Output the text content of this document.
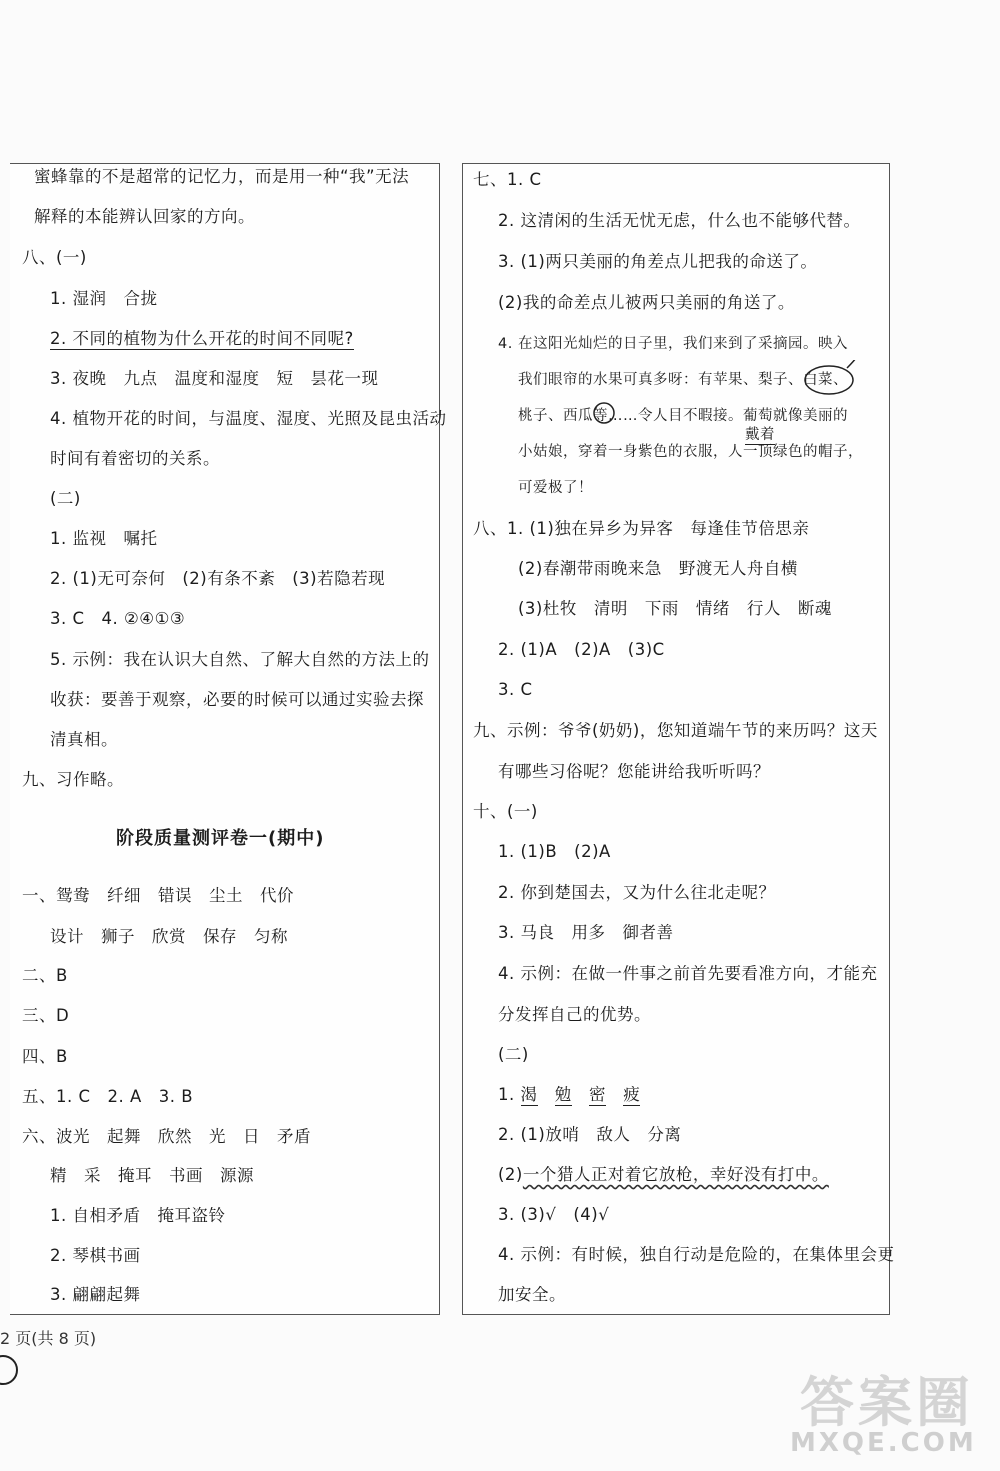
蜜蜂靠的不是超常的记忆力，而是用一种“我”无法
解释的本能辨认回家的方向。
八、(一)
1. 湿润　合拢
2. 不同的植物为什么开花的时间不同呢?
3. 夜晚　九点　温度和湿度　短　昙花一现
4. 植物开花的时间，与温度、湿度、光照及昆虫活动
时间有着密切的关系。
(二)
1. 监视　嘱托
2. (1)无可奈何　(2)有条不紊　(3)若隐若现
3. C　4. ②④①③
5. 示例：我在认识大自然、了解大自然的方法上的
收获：要善于观察，必要的时候可以通过实验去探
清真相。
九、习作略。
阶段质量测评卷一(期中)
一、鸳鸯　纤细　错误　尘土　代价
设计　狮子　欣赏　保存　匀称
二、B
三、D
四、B
五、1. C　2. A　3. B
六、波光　起舞　欣然　光　日　矛盾
精　采　掩耳　书画　源源
1. 自相矛盾　掩耳盗铃
2. 琴棋书画
3. 翩翩起舞
七、1. C
2. 这清闲的生活无忧无虑，什么也不能够代替。
3. (1)两只美丽的角差点儿把我的命送了。
(2)我的命差点儿被两只美丽的角送了。
4. 在这阳光灿烂的日子里，我们来到了采摘园。映入
我们眼帘的水果可真多呀：有苹果、梨子、白菜、
桃子、西瓜等……令人目不暇接。葡萄就像美丽的
戴着
小姑娘，穿着一身紫色的衣服，人一顶绿色的帽子，
可爱极了！
八、1. (1)独在异乡为异客　每逢佳节倍思亲
(2)春潮带雨晚来急　野渡无人舟自横
(3)杜牧　清明　下雨　情绪　行人　断魂
2. (1)A　(2)A　(3)C
3. C
九、示例：爷爷(奶奶)，您知道端午节的来历吗？这天
有哪些习俗呢？您能讲给我听听吗？
十、(一)
1. (1)B　(2)A
2. 你到楚国去，又为什么往北走呢？
3. 马良　用多　御者善
4. 示例：在做一件事之前首先要看准方向，才能充
分发挥自己的优势。
(二)
1. 渴 勉 密 疲
2. (1)放哨　敌人　分离
(2)一个猎人正对着它放枪，幸好没有打中。
3. (3)√　(4)√
4. 示例：有时候，独自行动是危险的，在集体里会更
加安全。
2 页(共 8 页)
答案圈
MXQE.COM
